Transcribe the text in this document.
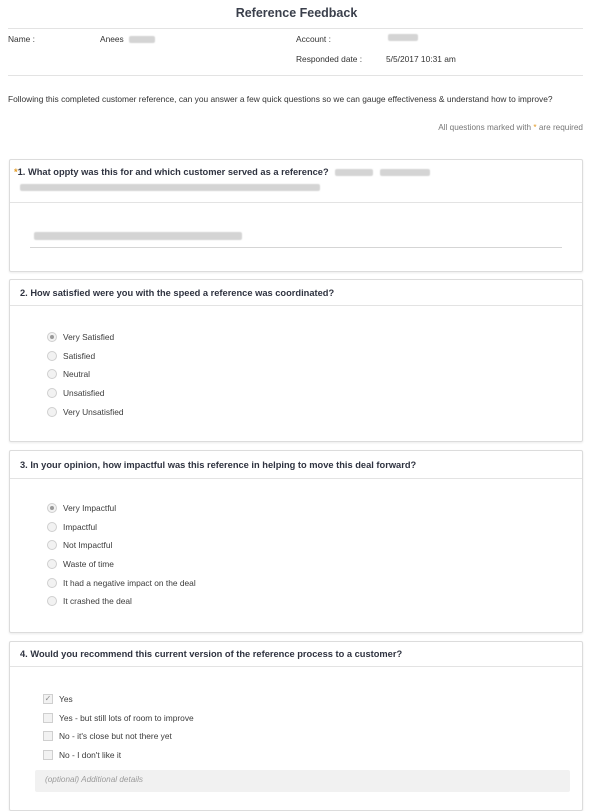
Reference Feedback
Name :	Anees	Account :
Responded date :	5/5/2017 10:31 am
Following this completed customer reference, can you answer a few quick questions so we can gauge effectiveness & understand how to improve?
All questions marked with * are required
*1. What oppty was this for and which customer served as a reference?
2. How satisfied were you with the speed a reference was coordinated?
Very Satisfied
Satisfied
Neutral
Unsatisfied
Very Unsatisfied
3. In your opinion, how impactful was this reference in helping to move this deal forward?
Very Impactful
Impactful
Not Impactful
Waste of time
It had a negative impact on the deal
It crashed the deal
4. Would you recommend this current version of the reference process to a customer?
✓ Yes
Yes - but still lots of room to improve
No - it's close but not there yet
No - I don't like it
(optional) Additional details
